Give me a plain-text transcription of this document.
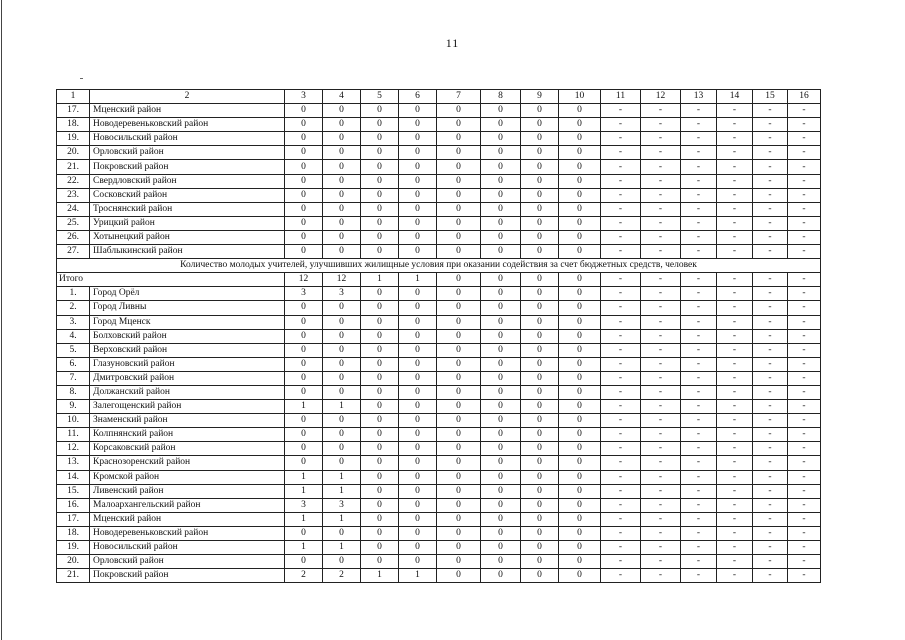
11
1	2	3	4	5	6	7	8	9	10	11	12	13	14	15	16
17.	Мценский район	0	0	0	0	0	0	0	0	-	-	-	-	-	-
18.	Новодеревеньковский район	0	0	0	0	0	0	0	0	-	-	-	-	-	-
19.	Новосильский район	0	0	0	0	0	0	0	0	-	-	-	-	-	-
20.	Орловский район	0	0	0	0	0	0	0	0	-	-	-	-	-	-
21.	Покровский район	0	0	0	0	0	0	0	0	-	-	-	-	-	-
22.	Свердловский район	0	0	0	0	0	0	0	0	-	-	-	-	-	-
23.	Сосковский район	0	0	0	0	0	0	0	0	-	-	-	-	-	-
24.	Троснянский район	0	0	0	0	0	0	0	0	-	-	-	-	-	-
25.	Урицкий район	0	0	0	0	0	0	0	0	-	-	-	-	-	-
26.	Хотынецкий район	0	0	0	0	0	0	0	0	-	-	-	-	-	-
27.	Шаблыкинский район	0	0	0	0	0	0	0	0	-	-	-	-	-	-
Количество молодых учителей, улучшивших жилищные условия при оказании содействия за счет бюджетных средств, человек															
Итого		12	12	1	1	0	0	0	0	-	-	-	-	-	-
1.	Город Орёл	3	3	0	0	0	0	0	0	-	-	-	-	-	-
2.	Город Ливны	0	0	0	0	0	0	0	0	-	-	-	-	-	-
3.	Город Мценск	0	0	0	0	0	0	0	0	-	-	-	-	-	-
4.	Болховский район	0	0	0	0	0	0	0	0	-	-	-	-	-	-
5.	Верховский район	0	0	0	0	0	0	0	0	-	-	-	-	-	-
6.	Глазуновский район	0	0	0	0	0	0	0	0	-	-	-	-	-	-
7.	Дмитровский район	0	0	0	0	0	0	0	0	-	-	-	-	-	-
8.	Должанский район	0	0	0	0	0	0	0	0	-	-	-	-	-	-
9.	Залегощенский район	1	1	0	0	0	0	0	0	-	-	-	-	-	-
10.	Знаменский район	0	0	0	0	0	0	0	0	-	-	-	-	-	-
11.	Колпнянский район	0	0	0	0	0	0	0	0	-	-	-	-	-	-
12.	Корсаковский район	0	0	0	0	0	0	0	0	-	-	-	-	-	-
13.	Краснозоренский район	0	0	0	0	0	0	0	0	-	-	-	-	-	-
14.	Кромской район	1	1	0	0	0	0	0	0	-	-	-	-	-	-
15.	Ливенский район	1	1	0	0	0	0	0	0	-	-	-	-	-	-
16.	Малоархангельский район	3	3	0	0	0	0	0	0	-	-	-	-	-	-
17.	Мценский район	1	1	0	0	0	0	0	0	-	-	-	-	-	-
18.	Новодеревеньковский район	0	0	0	0	0	0	0	0	-	-	-	-	-	-
19.	Новосильский район	1	1	0	0	0	0	0	0	-	-	-	-	-	-
20.	Орловский район	0	0	0	0	0	0	0	0	-	-	-	-	-	-
21.	Покровский район	2	2	1	1	0	0	0	0	-	-	-	-	-	-
